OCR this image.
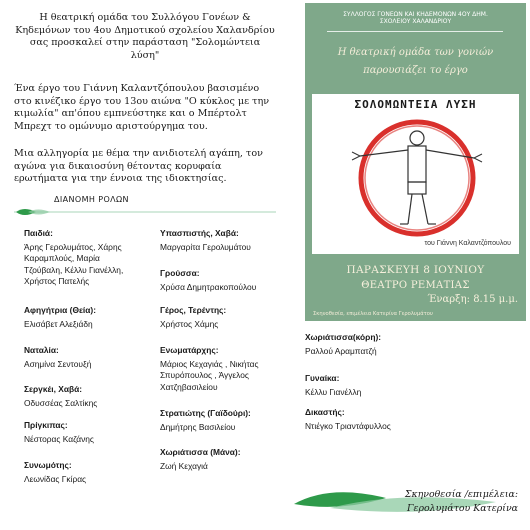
Η θεατρική ομάδα του Συλλόγου Γονέων & Κηδεμόνων του 4ου Δημοτικού σχολείου Χαλανδρίου σας προσκαλεί στην παράσταση "Σολομώντεια λύση"
Ένα έργο του Γιάννη Καλαντζόπουλου βασισμένο στο κινέζικο έργο του 13ου αιώνα "Ο κύκλος με την κιμωλία" απ'όπου εμπνεύστηκε και ο Μπέρτολτ Μπρεχτ το ομώνυμο αριστούργημα του.
Μια αλληγορία με θέμα την ανιδιοτελή αγάπη, τον αγώνα για δικαιοσύνη θέτοντας κορυφαία ερωτήματα για την έννοια της ιδιοκτησίας.
ΔΙΑΝΟΜΗ ΡΟΛΩΝ
Παιδιά:
Άρης Γερολυμάτος, Χάρης
Καραμπλούς, Μαρία
Τζούβαλη, Κέλλυ Γιανέλλη,
Χρήστος Πατελής
Αφηγήτρια (Θεία):
Ελισάβετ Αλεξιάδη
Ναταλία:
Ασημίνα Σεντουξή
Σεργκέι, Χαβά:
Οδυσσέας Σαλτίκης
Πρίγκιπας:
Νέστορας Καζάνης
Συνωμότης:
Λεωνίδας Γκίρας
Υπασπιστής, Χαβά:
Μαργαρίτα Γερολυμάτου
Γρούσσα:
Χρύσα Δημητρακοπούλου
Γέρος, Τερέντης:
Χρήστος Χάμης
Ενωματάρχης:
Μάριος Κεχαγιάς , Νικήτας
Σπυρόπουλος , Άγγελος
Χατζηβασιλείου
Στρατιώτης (Γαϊδούρι):
Δημήτρης Βασιλείου
Χωριάτισσα (Μάνα):
Ζωή Κεχαγιά
Χωριάτισσα(κόρη):
Ραλλού Αραμπατζή
Γυναίκα:
Κέλλυ Γιανέλλη
Δικαστής:
Ντιέγκο Τριαντάφυλλος
ΣΥΛΛΟΓΟΣ ΓΟΝΕΩΝ ΚΑΙ ΚΗΔΕΜΟΝΩΝ 4ΟΥ ΔΗΜ.
ΣΧΟΛΕΙΟΥ ΧΑΛΑΝΔΡΙΟΥ
Η θεατρική ομάδα των γονιών
παρουσιάζει το έργο
ΣΟΛΟΜΩΝΤΕΙΑ ΛΥΣΗ
του Γιάννη Καλαντζόπουλου
ΠΑΡΑΣΚΕΥΗ 8 ΙΟΥΝΙΟΥ
ΘΕΑΤΡΟ ΡΕΜΑΤΙΑΣ
Έναρξη: 8.15 μ.μ.
Σκηνοθεσία, επιμέλεια Κατερίνα Γερολυμάτου
Σκηνοθεσία /επιμέλεια:
Γερολυμάτου Κατερίνα
